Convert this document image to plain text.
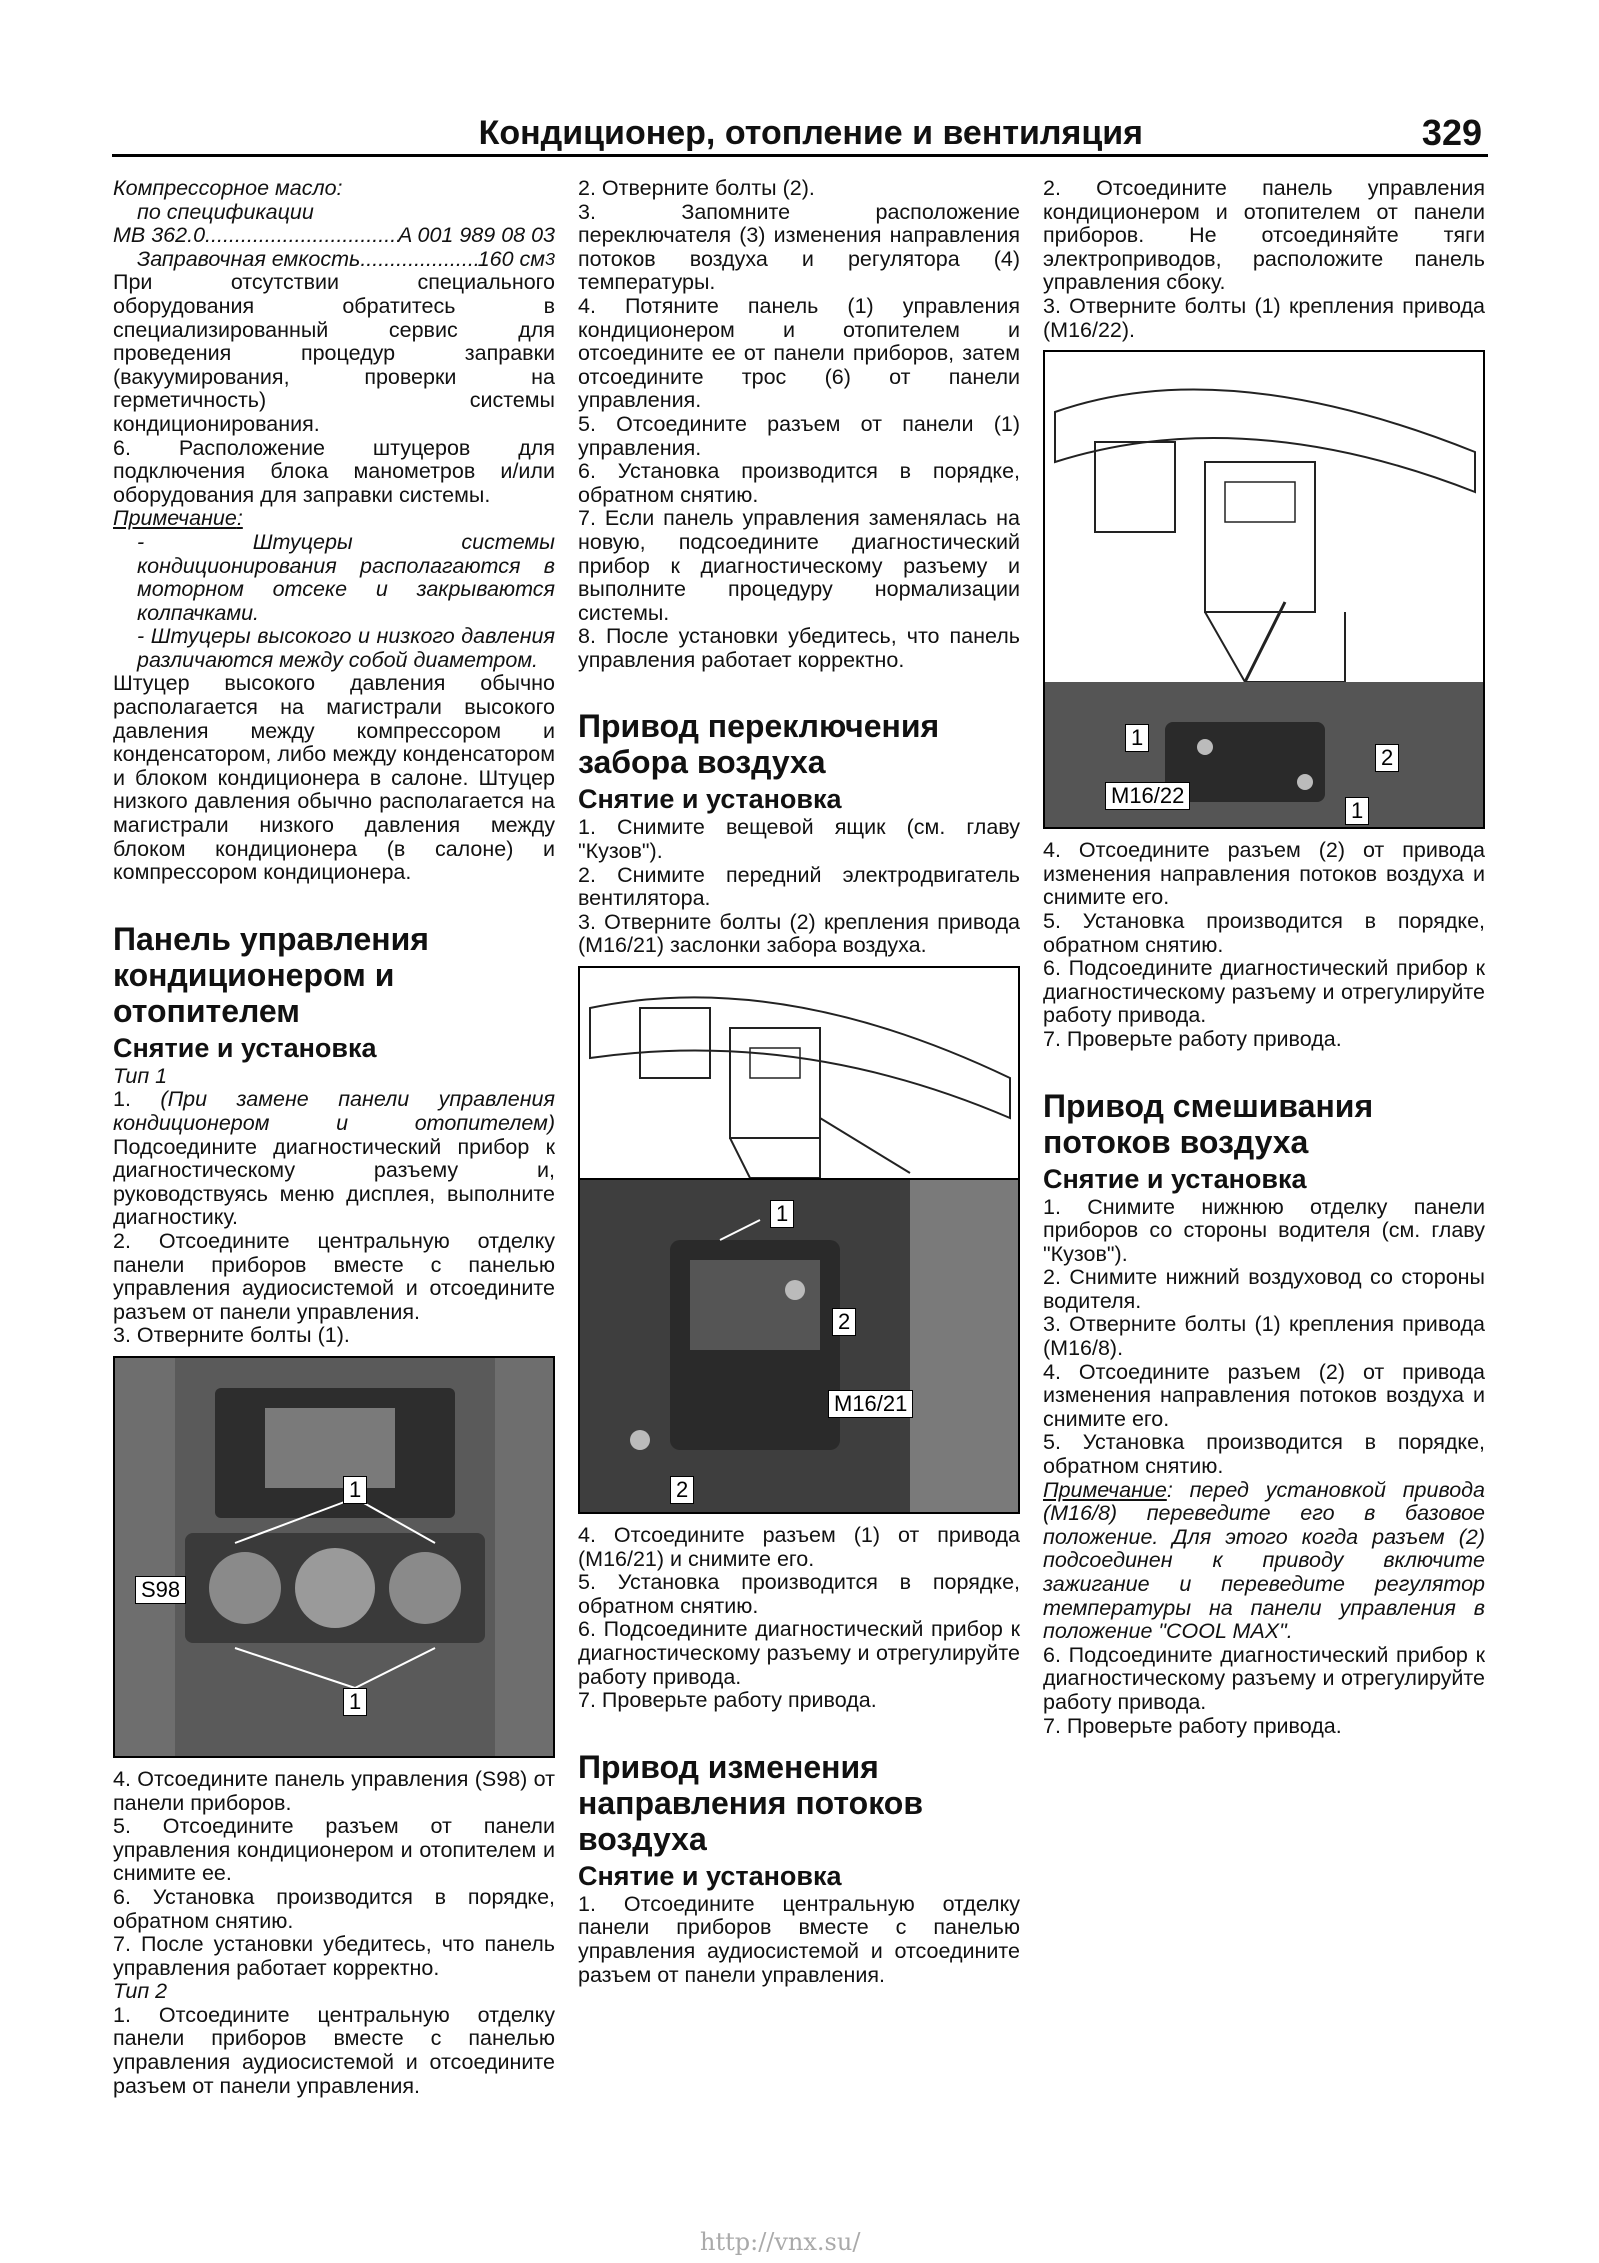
Кондиционер, отопление и вентиляция	329

Компрессорное масло:

по спецификации

MB 362.0 .....	A 001 989 08 03
Заправочная емкость .....	160 см 3

При отсутствии специального оборудования обратитесь в специализированный сервис для проведения процедур заправки (вакуумирования, проверки на герметичность) системы кондиционирования.

6. Расположение штуцеров для подключения блока манометров и/или оборудования для заправки системы.

Примечание:

- Штуцеры системы кондиционирования располагаются в моторном отсеке и закрываются колпачками.

- Штуцеры высокого и низкого давления различаются между собой диаметром.

Штуцер высокого давления обычно располагается на магистрали высокого давления между компрессором и конденсатором, либо между конденсатором и блоком кондиционера в салоне. Штуцер низкого давления обычно располагается на магистрали низкого давления между блоком кондиционера (в салоне) и компрессором кондиционера.

Панель управления кондиционером и отопителем
Снятие и установка

Тип 1

1. (При замене панели управления кондиционером и отопителем) Подсоедините диагностический прибор к диагностическому разъему и, руководствуясь меню дисплея, выполните диагностику.

2. Отсоедините центральную отделку панели приборов вместе с панелью управления аудиосистемой и отсоедините разъем от панели управления.

3. Отверните болты (1).

1
S98
1

4. Отсоедините панель управления (S98) от панели приборов.

5. Отсоедините разъем от панели управления кондиционером и отопителем и снимите ее.

6. Установка производится в порядке, обратном снятию.

7. После установки убедитесь, что панель управления работает корректно.

Тип 2

1. Отсоедините центральную отделку панели приборов вместе с панелью управления аудиосистемой и отсоедините разъем от панели управления.

2. Отверните болты (2).

3. Запомните расположение переключателя (3) изменения направления потоков воздуха и регулятора (4) температуры.

4. Потяните панель (1) управления кондиционером и отопителем и отсоедините ее от панели приборов, затем отсоедините трос (6) от панели управления.

5. Отсоедините разъем от панели (1) управления.

6. Установка производится в порядке, обратном снятию.

7. Если панель управления заменялась на новую, подсоедините диагностический прибор к диагностическому разъему и выполните процедуру нормализации системы.

8. После установки убедитесь, что панель управления работает корректно.

Привод переключения забора воздуха
Снятие и установка

1. Снимите вещевой ящик (см. главу "Кузов").

2. Снимите передний электродвигатель вентилятора.

3. Отверните болты (2) крепления привода (M16/21) заслонки забора воздуха.

1
2
M16/21
2

4. Отсоедините разъем (1) от привода (M16/21) и снимите его.

5. Установка производится в порядке, обратном снятию.

6. Подсоедините диагностический прибор к диагностическому разъему и отрегулируйте работу привода.

7. Проверьте работу привода.

Привод изменения направления потоков воздуха
Снятие и установка

1. Отсоедините центральную отделку панели приборов вместе с панелью управления аудиосистемой и отсоедините разъем от панели управления.

2. Отсоедините панель управления кондиционером и отопителем от панели приборов. Не отсоединяйте тяги электроприводов, расположите панель управления сбоку.

3. Отверните болты (1) крепления привода (M16/22).

1
2
M16/22
1

4. Отсоедините разъем (2) от привода изменения направления потоков воздуха и снимите его.

5. Установка производится в порядке, обратном снятию.

6. Подсоедините диагностический прибор к диагностическому разъему и отрегулируйте работу привода.

7. Проверьте работу привода.

Привод смешивания потоков воздуха
Снятие и установка

1. Снимите нижнюю отделку панели приборов со стороны водителя (см. главу "Кузов").

2. Снимите нижний воздуховод со стороны водителя.

3. Отверните болты (1) крепления привода (M16/8).

4. Отсоедините разъем (2) от привода изменения направления потоков воздуха и снимите его.

5. Установка производится в порядке, обратном снятию.

Примечание: перед установкой привода (M16/8) переведите его в базовое положение. Для этого когда разъем (2) подсоединен к приводу включите зажигание и переведите регулятор температуры на панели управления в положение "COOL MAX".

6. Подсоедините диагностический прибор к диагностическому разъему и отрегулируйте работу привода.

7. Проверьте работу привода.

http://vnx.su/
